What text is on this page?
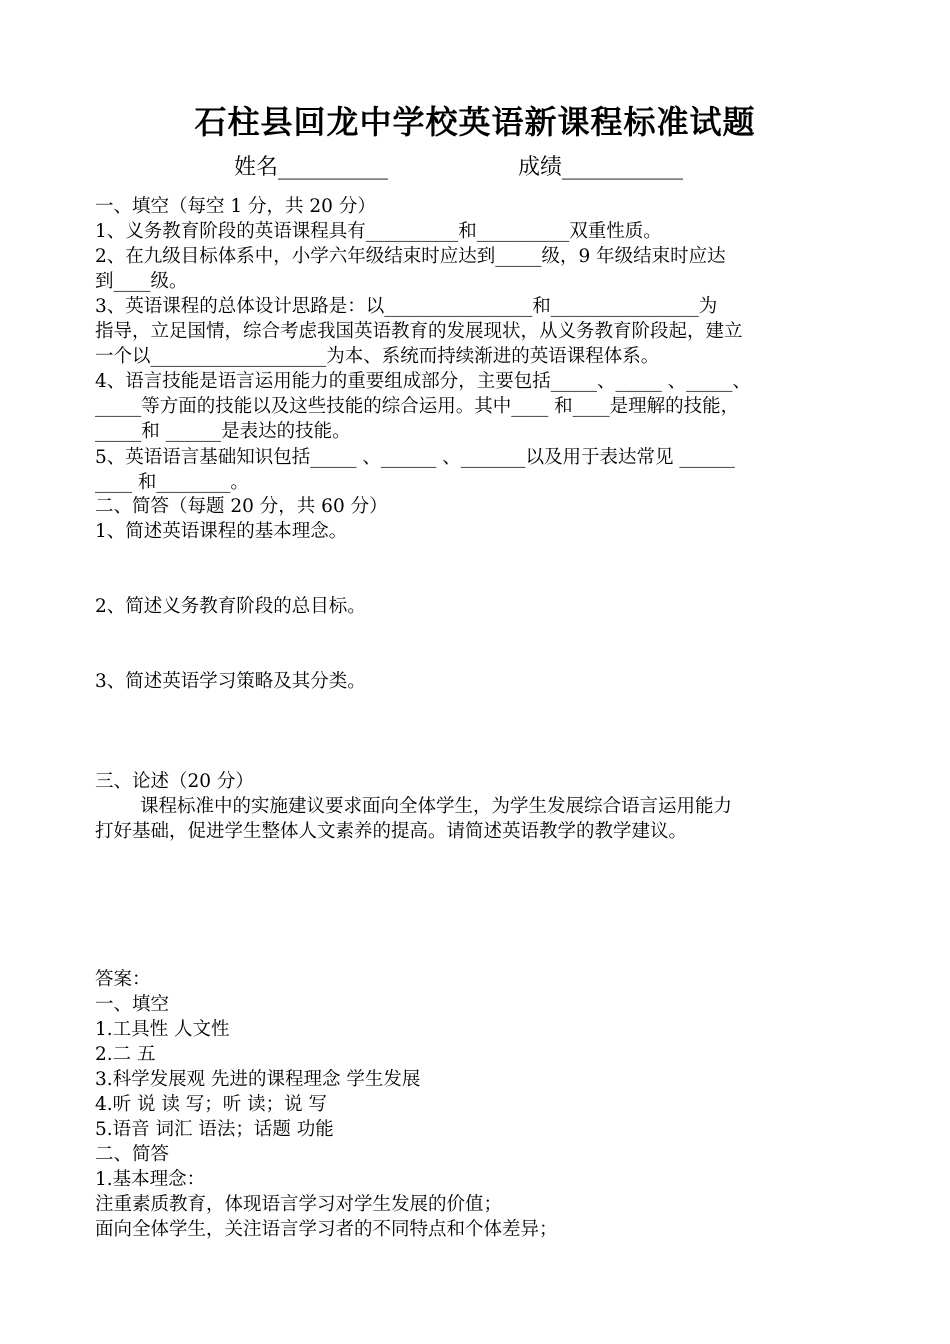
石柱县回龙中学校英语新课程标准试题
姓名__________	成绩___________
一、填空（每空 1 分，共 20 分）
1、义务教育阶段的英语课程具有__________和__________双重性质。
2、在九级目标体系中，小学六年级结束时应达到_____级，9 年级结束时应达
到____级。
3、英语课程的总体设计思路是：以________________和________________为
指导，立足国情，综合考虑我国英语教育的发展现状，从义务教育阶段起，建立
一个以___________________为本、系统而持续渐进的英语课程体系。
4、语言技能是语言运用能力的重要组成部分，主要包括_____、_____ 、_____、
_____等方面的技能以及这些技能的综合运用。其中____ 和____是理解的技能，
_____和 ______是表达的技能。
5、英语语言基础知识包括_____ 、______ 、_______以及用于表达常见 ______
____ 和________。
二、简答（每题 20 分，共 60 分）
1、简述英语课程的基本理念。
2、简述义务教育阶段的总目标。
3、简述英语学习策略及其分类。
三、论述（20 分）
课程标准中的实施建议要求面向全体学生，为学生发展综合语言运用能力
打好基础，促进学生整体人文素养的提高。请简述英语教学的教学建议。
答案：
一、填空
1.工具性 人文性
2.二 五
3.科学发展观 先进的课程理念 学生发展
4.听 说 读 写；听 读；说 写
5.语音 词汇 语法；话题 功能
二、简答
1.基本理念：
注重素质教育，体现语言学习对学生发展的价值；
面向全体学生，关注语言学习者的不同特点和个体差异；
